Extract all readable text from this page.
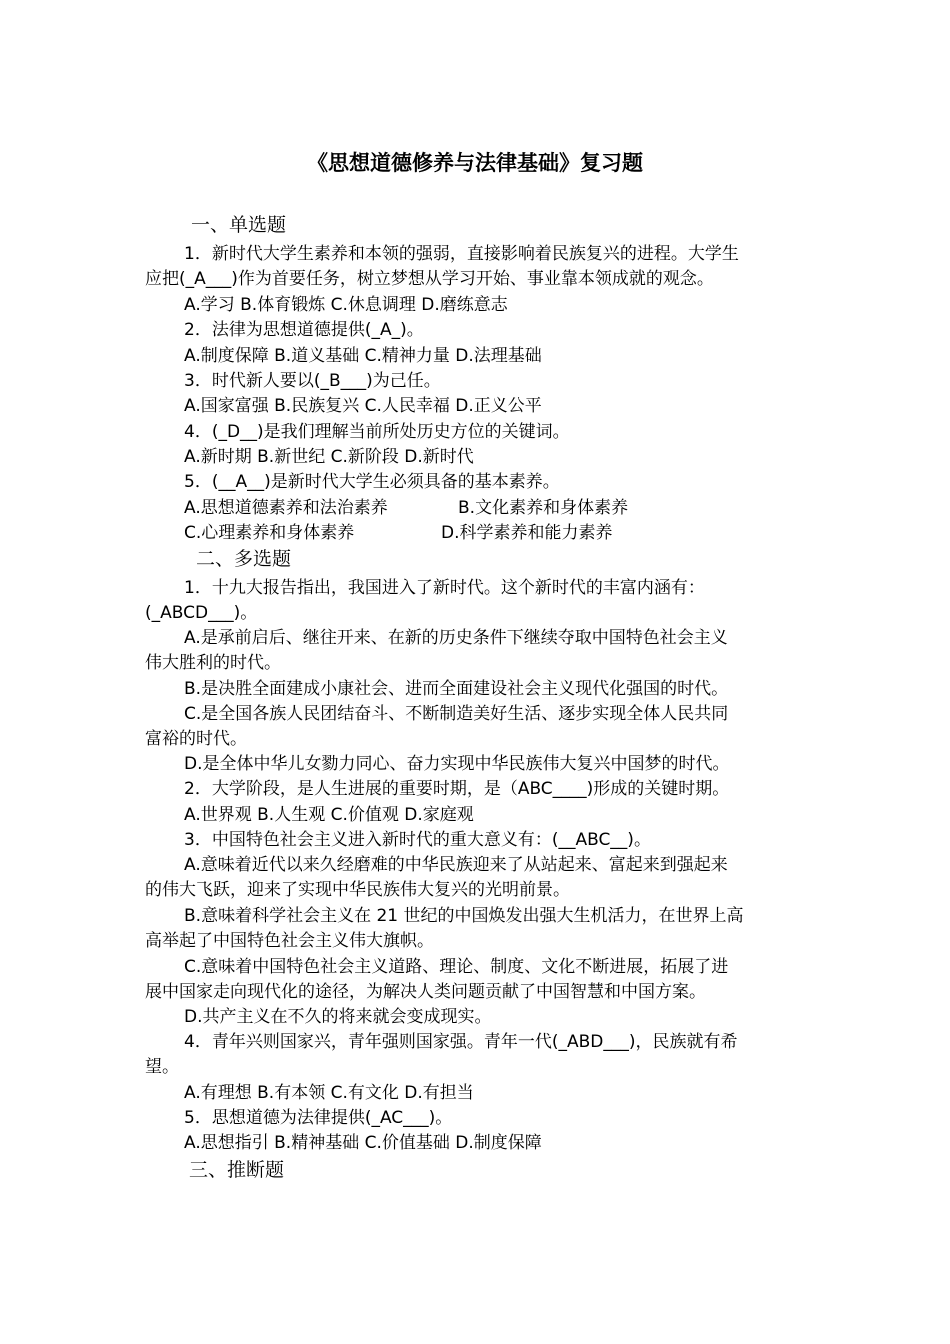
《思想道德修养与法律基础》复习题
一、单选题
1．新时代大学生素养和本领的强弱，直接影响着民族复兴的进程。大学生
应把(_A___)作为首要任务，树立梦想从学习开始、事业靠本领成就的观念。
A.学习 B.体育锻炼 C.休息调理 D.磨练意志
2．法律为思想道德提供(_A_)。
A.制度保障 B.道义基础 C.精神力量 D.法理基础
3．时代新人要以(_B___)为己任。
A.国家富强 B.民族复兴 C.人民幸福 D.正义公平
4．(_D__)是我们理解当前所处历史方位的关键词。
A.新时期 B.新世纪 C.新阶段 D.新时代
5．(__A__)是新时代大学生必须具备的基本素养。
A.思想道德素养和法治素养	B.文化素养和身体素养
C.心理素养和身体素养	D.科学素养和能力素养
二、多选题
1．十九大报告指出，我国进入了新时代。这个新时代的丰富内涵有：
(_ABCD___)。
A.是承前启后、继往开来、在新的历史条件下继续夺取中国特色社会主义
伟大胜利的时代。
B.是决胜全面建成小康社会、进而全面建设社会主义现代化强国的时代。
C.是全国各族人民团结奋斗、不断制造美好生活、逐步实现全体人民共同
富裕的时代。
D.是全体中华儿女勠力同心、奋力实现中华民族伟大复兴中国梦的时代。
2．大学阶段，是人生进展的重要时期，是（ABC____)形成的关键时期。
A.世界观 B.人生观 C.价值观 D.家庭观
3．中国特色社会主义进入新时代的重大意义有：(__ABC__)。
A.意味着近代以来久经磨难的中华民族迎来了从站起来、富起来到强起来
的伟大飞跃，迎来了实现中华民族伟大复兴的光明前景。
B.意味着科学社会主义在 21 世纪的中国焕发出强大生机活力，在世界上高
高举起了中国特色社会主义伟大旗帜。
C.意味着中国特色社会主义道路、理论、制度、文化不断进展，拓展了进
展中国家走向现代化的途径，为解决人类问题贡献了中国智慧和中国方案。
D.共产主义在不久的将来就会变成现实。
4．青年兴则国家兴，青年强则国家强。青年一代(_ABD___)，民族就有希
望。
A.有理想 B.有本领 C.有文化 D.有担当
5．思想道德为法律提供(_AC___)。
A.思想指引 B.精神基础 C.价值基础 D.制度保障
三、推断题
